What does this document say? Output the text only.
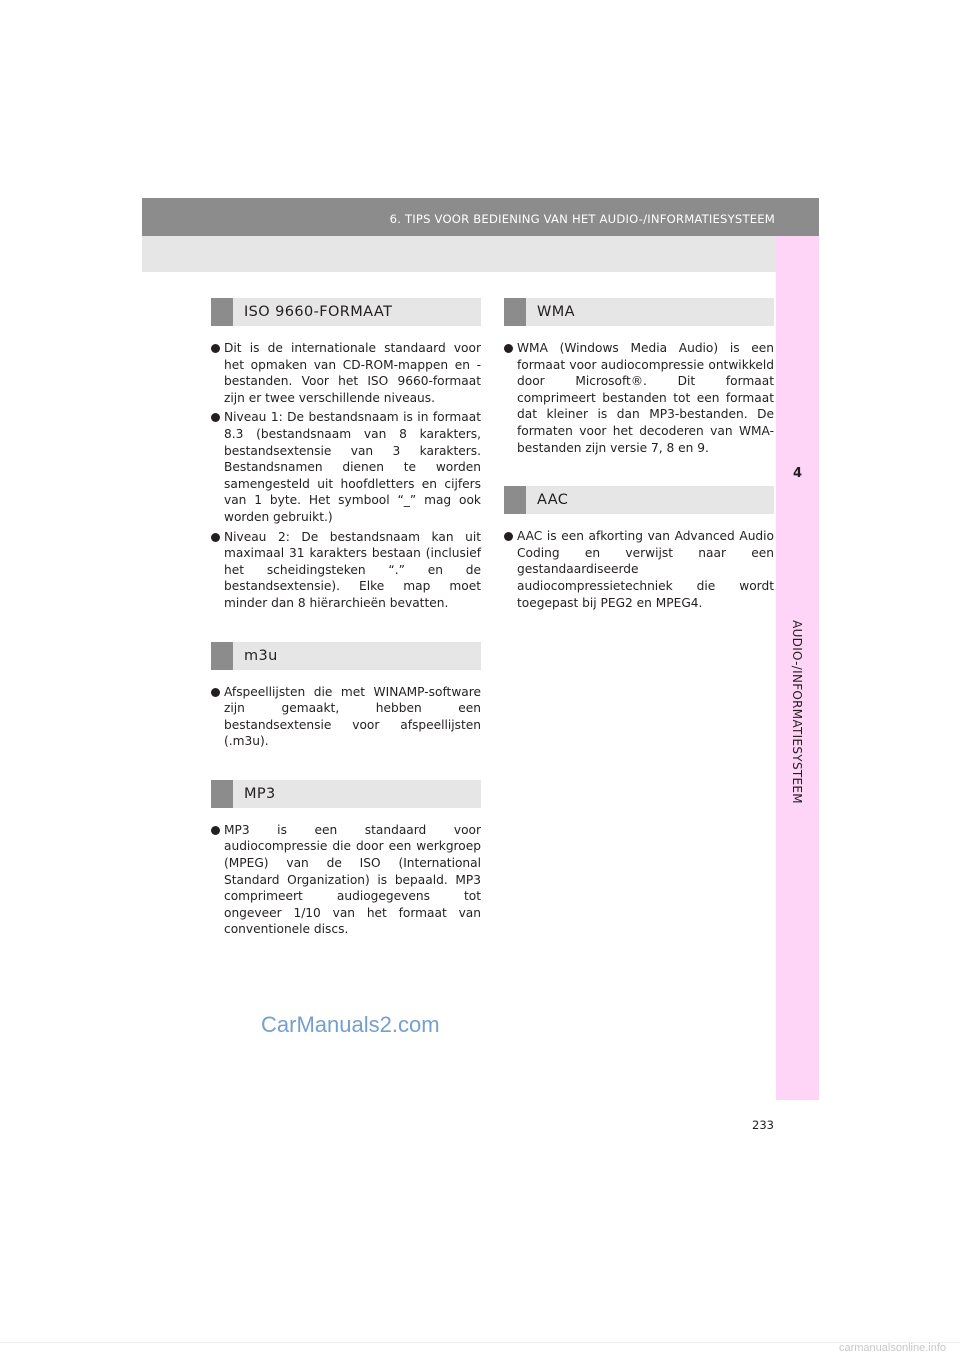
6. TIPS VOOR BEDIENING VAN HET AUDIO-/INFORMATIESYSTEEM
4
AUDIO-/INFORMATIESYSTEEM
ISO 9660-FORMAAT
Dit is de internationale standaard voor het opmaken van CD-ROM-mappen en -bestanden. Voor het ISO 9660-formaat zijn er twee verschillende niveaus.
Niveau 1: De bestandsnaam is in formaat 8.3 (bestandsnaam van 8 karakters, bestandsextensie van 3 karakters. Bestandsnamen dienen te worden samengesteld uit hoofdletters en cijfers van 1 byte. Het symbool “_” mag ook worden gebruikt.)
Niveau 2: De bestandsnaam kan uit maximaal 31 karakters bestaan (inclusief het scheidingsteken “.” en de bestandsextensie). Elke map moet minder dan 8 hiërarchieën bevatten.
m3u
Afspeellijsten die met WINAMP-software zijn gemaakt, hebben een bestandsextensie voor afspeellijsten (.m3u).
MP3
MP3 is een standaard voor audiocompressie die door een werkgroep (MPEG) van de ISO (International Standard Organization) is bepaald. MP3 comprimeert audiogegevens tot ongeveer 1/10 van het formaat van conventionele discs.
WMA
WMA (Windows Media Audio) is een formaat voor audiocompressie ontwikkeld door Microsoft®. Dit formaat comprimeert bestanden tot een formaat dat kleiner is dan MP3-bestanden. De formaten voor het decoderen van WMA-bestanden zijn versie 7, 8 en 9.
AAC
AAC is een afkorting van Advanced Audio Coding en verwijst naar een gestandaardiseerde audiocompressietechniek die wordt toegepast bij PEG2 en MPEG4.
CarManuals2.com
233
carmanualsonline.info
